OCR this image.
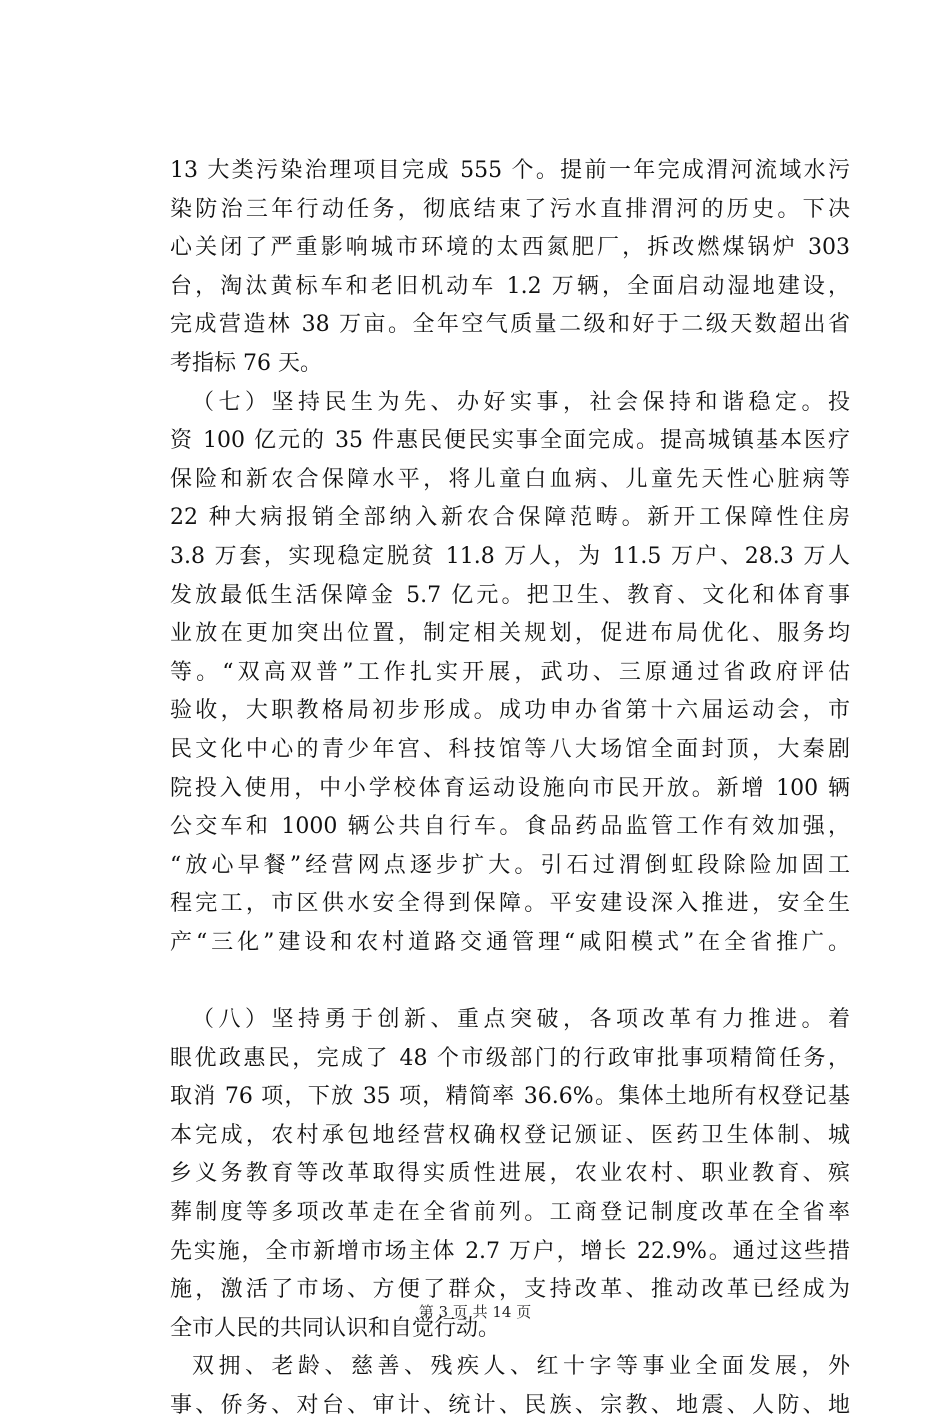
13 大类污染治理项目完成 555 个。提前一年完成渭河流域水污
染防治三年行动任务，彻底结束了污水直排渭河的历史。下决
心关闭了严重影响城市环境的太西氮肥厂，拆改燃煤锅炉 303
台，淘汰黄标车和老旧机动车 1.2 万辆，全面启动湿地建设，
完成营造林 38 万亩。全年空气质量二级和好于二级天数超出省
考指标 76 天。
（七）坚持民生为先、办好实事，社会保持和谐稳定。投
资 100 亿元的 35 件惠民便民实事全面完成。提高城镇基本医疗
保险和新农合保障水平，将儿童白血病、儿童先天性心脏病等
22 种大病报销全部纳入新农合保障范畴。新开工保障性住房
3.8 万套，实现稳定脱贫 11.8 万人，为 11.5 万户、28.3 万人
发放最低生活保障金 5.7 亿元。把卫生、教育、文化和体育事
业放在更加突出位置，制定相关规划，促进布局优化、服务均
等。“双高双普”工作扎实开展，武功、三原通过省政府评估
验收，大职教格局初步形成。成功申办省第十六届运动会，市
民文化中心的青少年宫、科技馆等八大场馆全面封顶，大秦剧
院投入使用，中小学校体育运动设施向市民开放。新增 100 辆
公交车和 1000 辆公共自行车。食品药品监管工作有效加强，
“放心早餐”经营网点逐步扩大。引石过渭倒虹段除险加固工
程完工，市区供水安全得到保障。平安建设深入推进，安全生
产“三化”建设和农村道路交通管理“咸阳模式”在全省推广。
（八）坚持勇于创新、重点突破，各项改革有力推进。着
眼优政惠民，完成了 48 个市级部门的行政审批事项精简任务，
取消 76 项，下放 35 项，精简率 36.6%。集体土地所有权登记基
本完成，农村承包地经营权确权登记颁证、医药卫生体制、城
乡义务教育等改革取得实质性进展，农业农村、职业教育、殡
葬制度等多项改革走在全省前列。工商登记制度改革在全省率
先实施，全市新增市场主体 2.7 万户，增长 22.9%。通过这些措
施，激活了市场、方便了群众，支持改革、推动改革已经成为
全市人民的共同认识和自觉行动。
双拥、老龄、慈善、残疾人、红十字等事业全面发展，外
事、侨务、对台、审计、统计、民族、宗教、地震、人防、地
第 3 页 共 14 页
